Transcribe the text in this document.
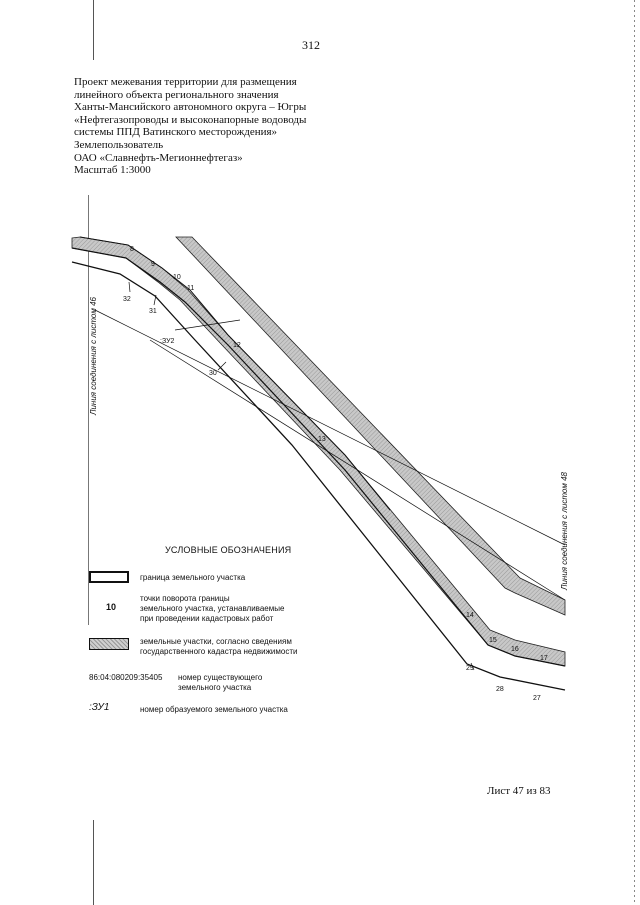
312
Проект межевания территории для размещения
линейного объекта регионального значения
Ханты-Мансийского автономного округа – Югры
«Нефтегазопроводы и высоконапорные водоводы
системы ППД Ватинского месторождения»
Землепользователь
ОАО «Славнефть-Мегионнефтегаз»
Масштаб 1:3000
8
9
10
11
12
13
14
15
16
17
27
28
29
30
31
32
:ЗУ2
Линия соединения с листом 46
Линия соединения с листом 48
УСЛОВНЫЕ ОБОЗНАЧЕНИЯ
граница земельного участка
10
точки поворота границы
земельного участка, устанавливаемые
при проведении кадастровых работ
земельные участки, согласно сведениям
государственного кадастра недвижимости
86:04:080209:35405 номер существующего
земельного участка
:ЗУ1	номер образуемого земельного участка
Лист 47 из 83
